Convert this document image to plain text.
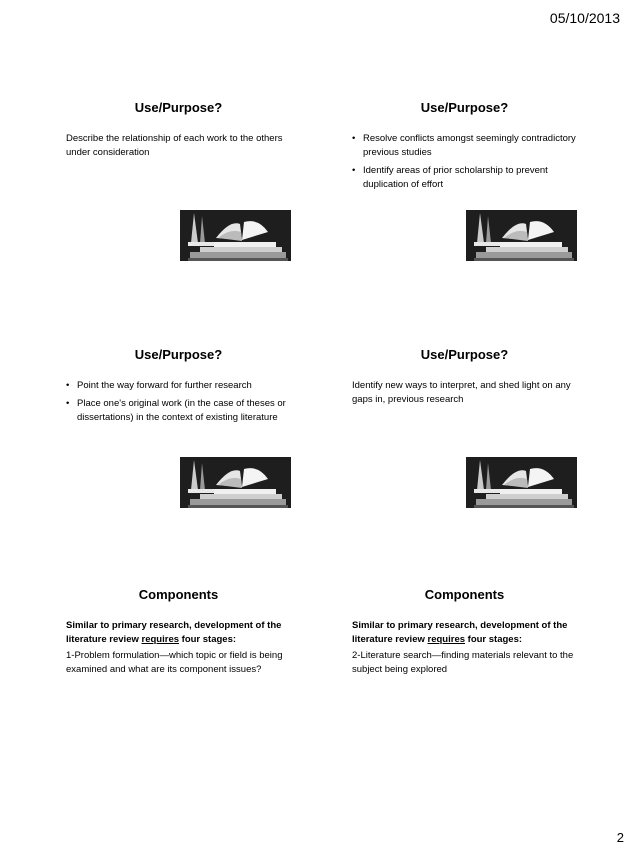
05/10/2013
Use/Purpose?

Describe the relationship of each work to the others under consideration

Use/Purpose?
• Resolve conflicts amongst seemingly contradictory previous studies
• Identify areas of prior scholarship to prevent duplication of effort
Use/Purpose?
• Point the way forward for further research
• Place one's original work (in the case of theses or dissertations) in the context of existing literature
Use/Purpose?

Identify new ways to interpret, and shed light on any gaps in, previous research

Components

Similar to primary research, development of the literature review requires four stages:

1-Problem formulation—which topic or field is being examined and what are its component issues?

Components

Similar to primary research, development of the literature review requires four stages:

2-Literature search—finding materials relevant to the subject being explored

2
